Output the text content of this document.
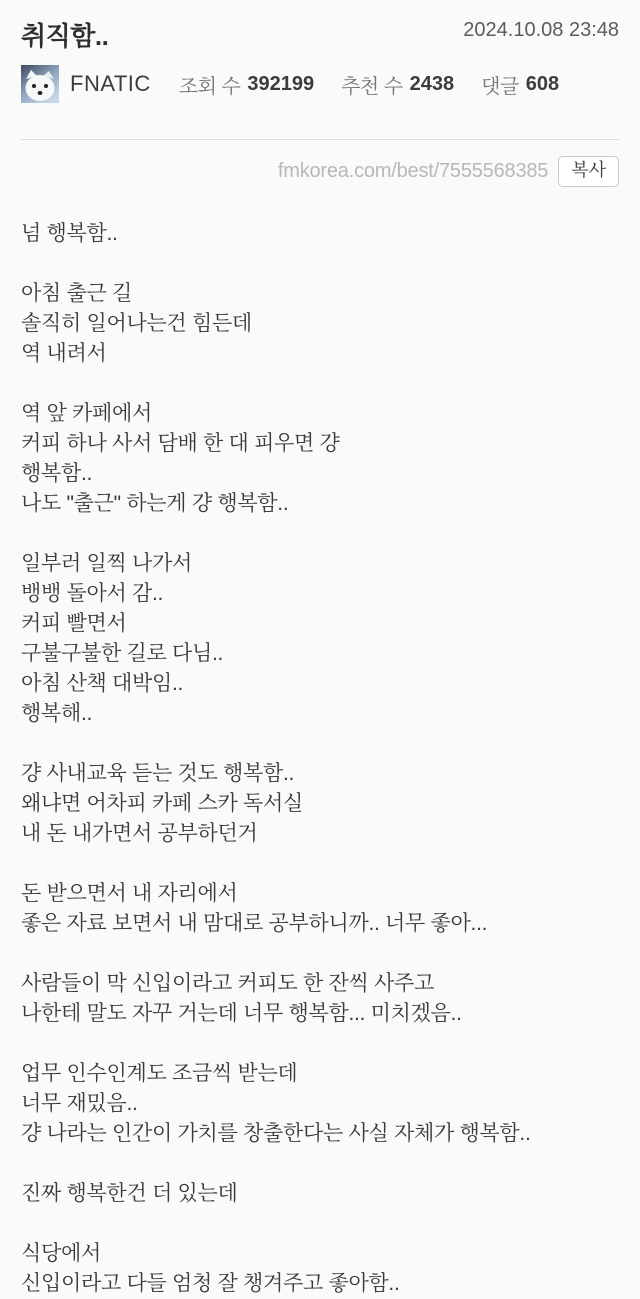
취직함..	2024.10.08 23:48
FNATIC 조회 수 392199 추천 수 2438 댓글 608
fmkorea.com/best/7555568385	복사

넘 행복함..

아침 출근 길
솔직히 일어나는건 힘든데
역 내려서

역 앞 카페에서
커피 하나 사서 담배 한 대 피우면 걍
행복함..
나도 "출근" 하는게 걍 행복함..

일부러 일찍 나가서
뱅뱅 돌아서 감..
커피 빨면서
구불구불한 길로 다님..
아침 산책 대박임..
행복해..

걍 사내교육 듣는 것도 행복함..
왜냐면 어차피 카페 스카 독서실
내 돈 내가면서 공부하던거

돈 받으면서 내 자리에서
좋은 자료 보면서 내 맘대로 공부하니까.. 너무 좋아...

사람들이 막 신입이라고 커피도 한 잔씩 사주고
나한테 말도 자꾸 거는데 너무 행복함... 미치겠음..

업무 인수인계도 조금씩 받는데
너무 재밌음..
걍 나라는 인간이 가치를 창출한다는 사실 자체가 행복함..

진짜 행복한건 더 있는데

식당에서
신입이라고 다들 엄청 잘 챙겨주고 좋아함..
